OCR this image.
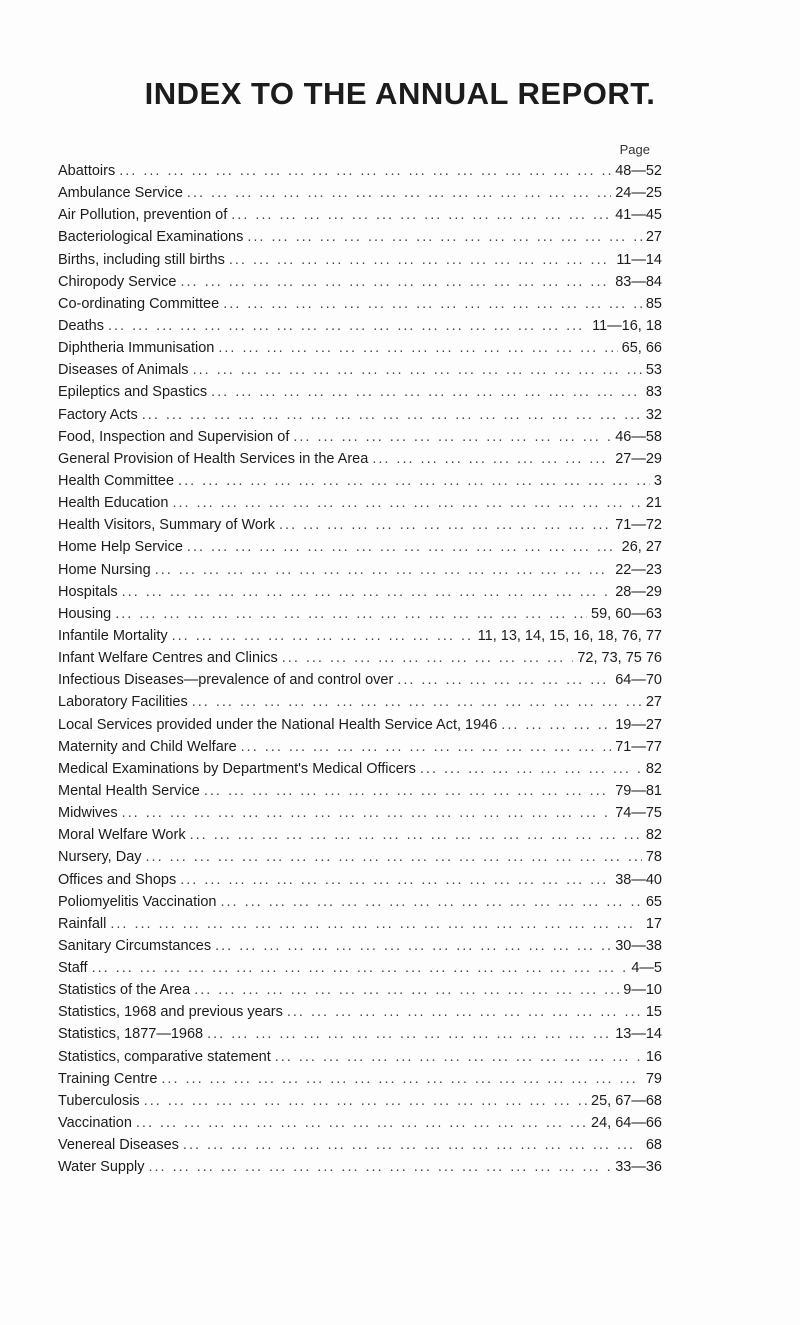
INDEX TO THE ANNUAL REPORT.
Page
Abattoirs ... .	48—52
Ambulance Service ... .	24—25
Air Pollution, prevention of ... .	41—45
Bacteriological Examinations ... .	27
Births, including still births ... .	11—14
Chiropody Service ... .	83—84
Co-ordinating Committee ... .	85
Deaths ... .	11—16, 18
Diphtheria Immunisation ... .	65, 66
Diseases of Animals ... .	53
Epileptics and Spastics ... .	83
Factory Acts ... .	32
Food, Inspection and Supervision of ... .	46—58
General Provision of Health Services in the Area ... .	27—29
Health Committee ... .	3
Health Education ... .	21
Health Visitors, Summary of Work ... .	71—72
Home Help Service ... .	26, 27
Home Nursing ... .	22—23
Hospitals ... .	28—29
Housing ... .	59, 60—63
Infantile Mortality ... .	11, 13, 14, 15, 16, 18, 76, 77
Infant Welfare Centres and Clinics ... .	72, 73, 75 76
Infectious Diseases—prevalence of and control over ... .	64—70
Laboratory Facilities ... .	27
Local Services provided under the National Health Service Act, 1946 ... .	19—27
Maternity and Child Welfare ... .	71—77
Medical Examinations by Department's Medical Officers ... .	82
Mental Health Service ... .	79—81
Midwives ... .	74—75
Moral Welfare Work ... .	82
Nursery, Day ... .	78
Offices and Shops ... .	38—40
Poliomyelitis Vaccination ... .	65
Rainfall ... .	17
Sanitary Circumstances ... .	30—38
Staff ... .	4—5
Statistics of the Area ... .	9—10
Statistics, 1968 and previous years ... .	15
Statistics, 1877—1968 ... .	13—14
Statistics, comparative statement ... .	16
Training Centre ... .	79
Tuberculosis ... .	25, 67—68
Vaccination ... .	24, 64—66
Venereal Diseases ... .	68
Water Supply ... .	33—36
